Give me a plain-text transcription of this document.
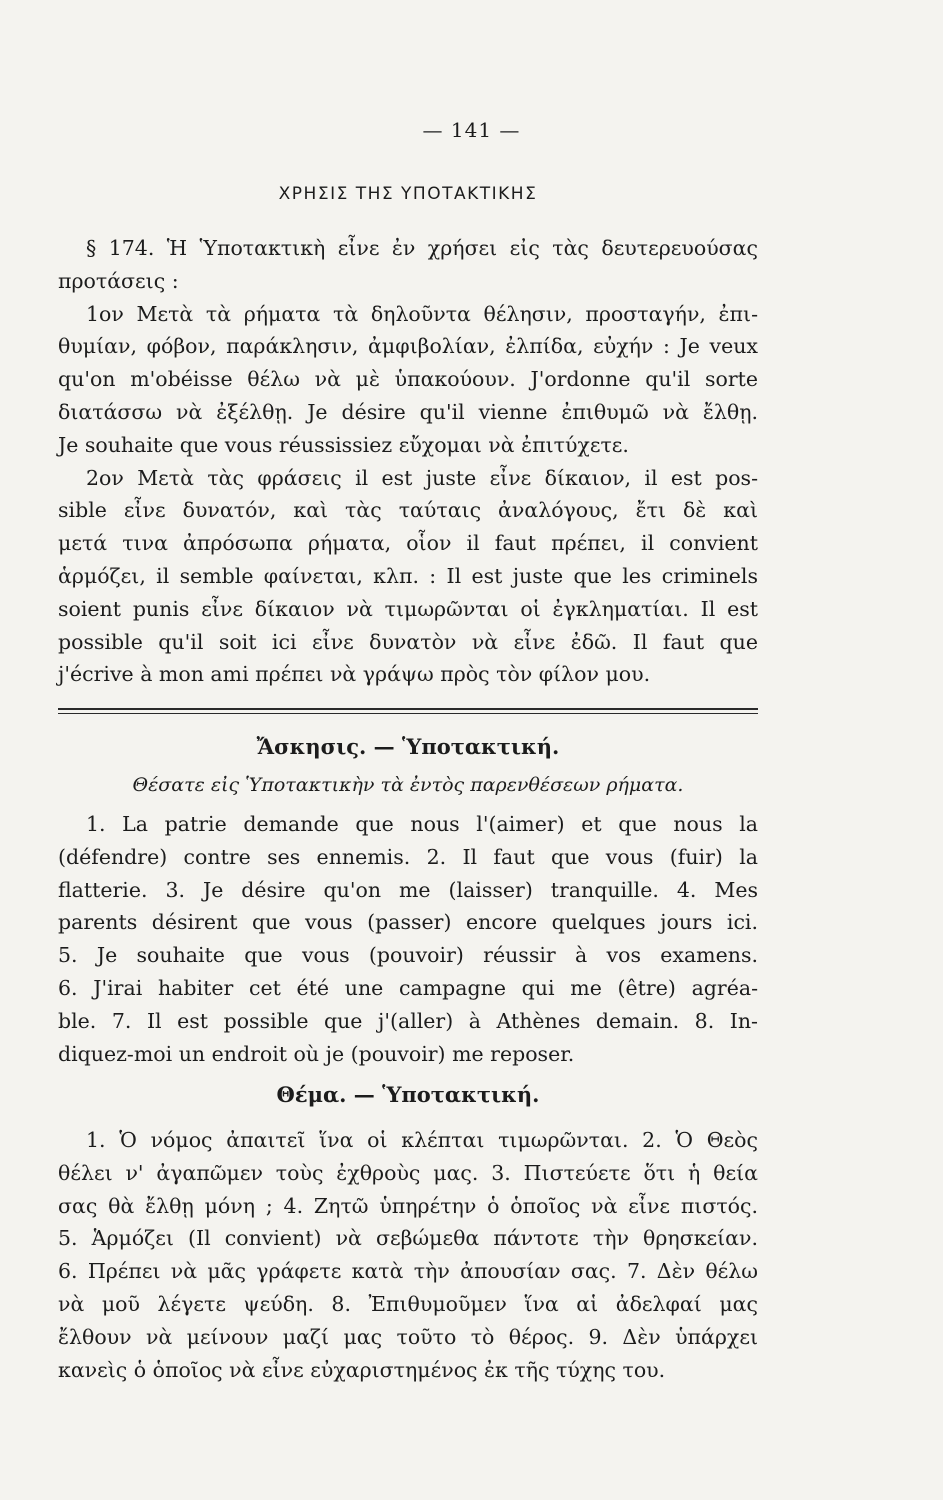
— 141 —
ΧΡΗΣΙΣ ΤΗΣ ΥΠΟΤΑΚΤΙΚΗΣ

§ 174. Ἡ Ὑποτακτικὴ εἶνε ἐν χρήσει εἰς τὰς δευτερευούσας
προτάσεις :
1ον Μετὰ τὰ ρήματα τὰ δηλοῦντα θέλησιν, προσταγήν, ἐπι-
θυμίαν, φόβον, παράκλησιν, ἀμφιβολίαν, ἐλπίδα, εὐχήν : Je veux
qu'on m'obéisse θέλω νὰ μὲ ὑπακούουν. J'ordonne qu'il sorte
διατάσσω νὰ ἐξέλθῃ. Je désire qu'il vienne ἐπιθυμῶ νὰ ἔλθῃ.
Je souhaite que vous réussissiez εὔχομαι νὰ ἐπιτύχετε.
2ον Μετὰ τὰς φράσεις il est juste εἶνε δίκαιον, il est pos-
sible εἶνε δυνατόν, καὶ τὰς ταύταις ἀναλόγους, ἔτι δὲ καὶ
μετά τινα ἀπρόσωπα ρήματα, οἷον il faut πρέπει, il convient
ἁρμόζει, il semble φαίνεται, κλπ. : Il est juste que les criminels
soient punis εἶνε δίκαιον νὰ τιμωρῶνται οἱ ἐγκληματίαι. Il est
possible qu'il soit ici εἶνε δυνατὸν νὰ εἶνε ἐδῶ. Il faut que
j'écrive à mon ami πρέπει νὰ γράψω πρὸς τὸν φίλον μου.

Ἄσκησις. — Ὑποτακτική.
Θέσατε εἰς Ὑποτακτικὴν τὰ ἐντὸς παρενθέσεων ρήματα.

1. La patrie demande que nous l'(aimer) et que nous la
(défendre) contre ses ennemis. 2. Il faut que vous (fuir) la
flatterie. 3. Je désire qu'on me (laisser) tranquille. 4. Mes
parents désirent que vous (passer) encore quelques jours ici.
5. Je souhaite que vous (pouvoir) réussir à vos examens.
6. J'irai habiter cet été une campagne qui me (être) agréa-
ble. 7. Il est possible que j'(aller) à Athènes demain. 8. In-
diquez-moi un endroit où je (pouvoir) me reposer.

Θέμα. — Ὑποτακτική.

1. Ὁ νόμος ἀπαιτεῖ ἵνα οἱ κλέπται τιμωρῶνται. 2. Ὁ Θεὸς
θέλει ν' ἀγαπῶμεν τοὺς ἐχθροὺς μας. 3. Πιστεύετε ὅτι ἡ θεία
σας θὰ ἔλθῃ μόνη ; 4. Ζητῶ ὑπηρέτην ὁ ὁποῖος νὰ εἶνε πιστός.
5. Ἁρμόζει (Il convient) νὰ σεβώμεθα πάντοτε τὴν θρησκείαν.
6. Πρέπει νὰ μᾶς γράφετε κατὰ τὴν ἀπουσίαν σας. 7. Δὲν θέλω
νὰ μοῦ λέγετε ψεύδη. 8. Ἐπιθυμοῦμεν ἵνα αἱ ἀδελφαί μας
ἔλθουν νὰ μείνουν μαζί μας τοῦτο τὸ θέρος. 9. Δὲν ὑπάρχει
κανεὶς ὁ ὁποῖος νὰ εἶνε εὐχαριστημένος ἐκ τῆς τύχης του.
